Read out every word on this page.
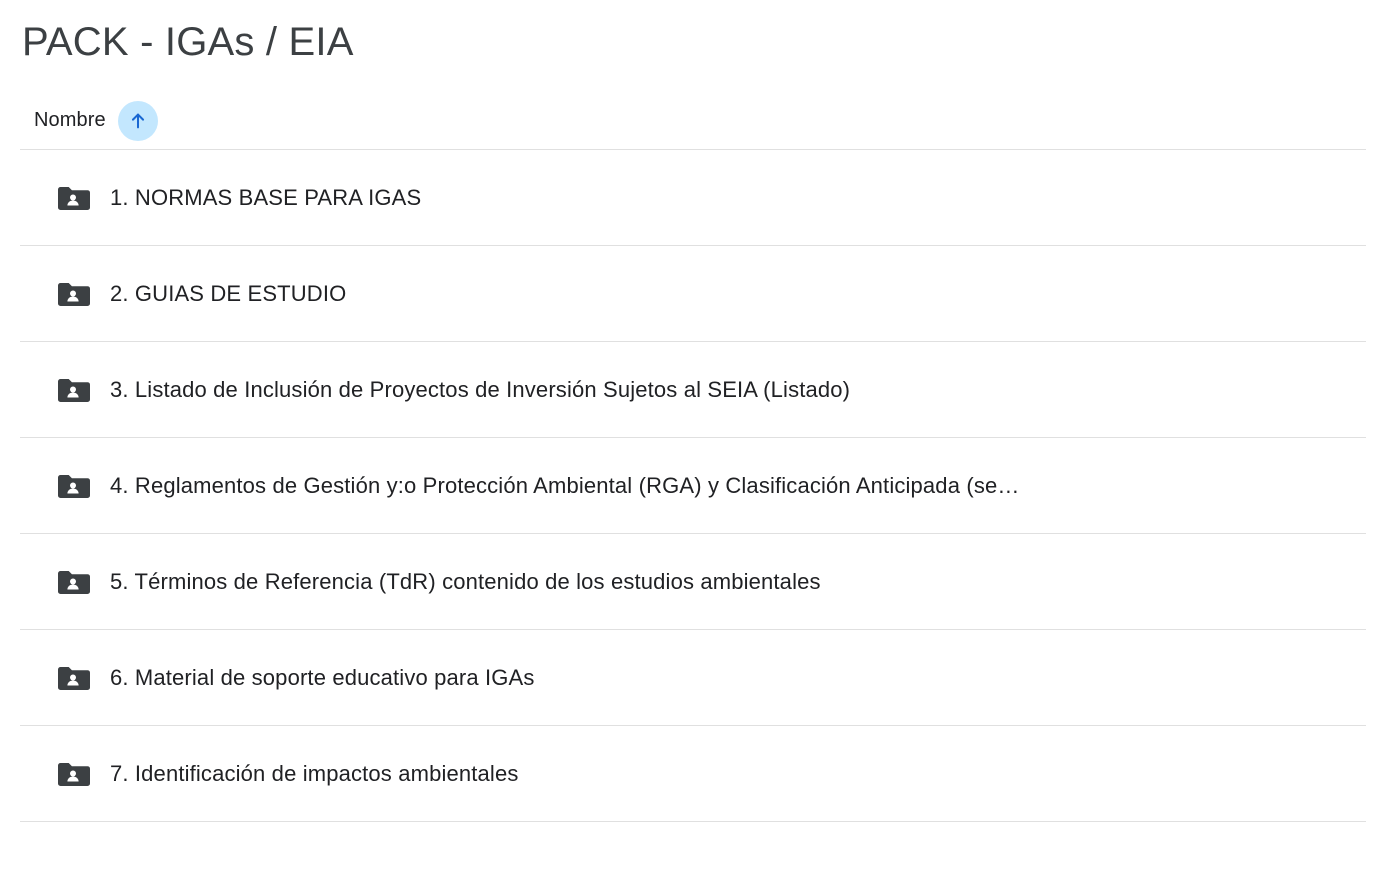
PACK - IGAs / EIA
Nombre
1. NORMAS BASE PARA IGAS
2. GUIAS DE ESTUDIO
3. Listado de Inclusión de Proyectos de Inversión Sujetos al SEIA (Listado)
4. Reglamentos de Gestión y:o Protección Ambiental (RGA) y Clasificación Anticipada (se…
5. Términos de Referencia (TdR) contenido de los estudios ambientales
6. Material de soporte educativo para IGAs
7. Identificación de impactos ambientales
